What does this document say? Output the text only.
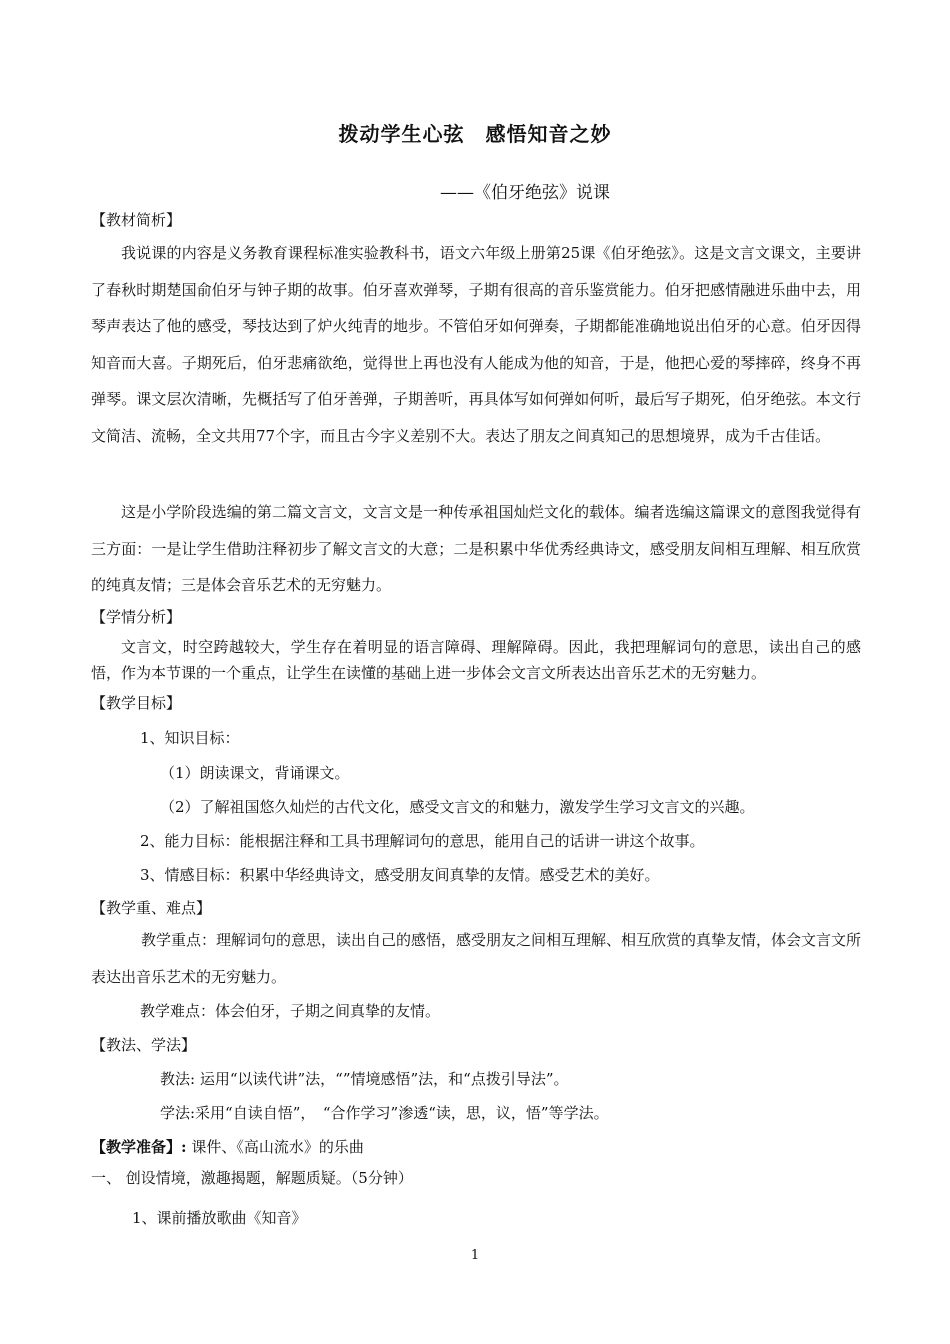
拨动学生心弦　感悟知音之妙
——《伯牙绝弦》说课
【教材简析】
我说课的内容是义务教育课程标准实验教科书，语文六年级上册第25课《伯牙绝弦》。这是文言文课文，主要讲了春秋时期楚国俞伯牙与钟子期的故事。伯牙喜欢弹琴，子期有很高的音乐鉴赏能力。伯牙把感情融进乐曲中去，用琴声表达了他的感受，琴技达到了炉火纯青的地步。不管伯牙如何弹奏，子期都能准确地说出伯牙的心意。伯牙因得知音而大喜。子期死后，伯牙悲痛欲绝，觉得世上再也没有人能成为他的知音，于是，他把心爱的琴摔碎，终身不再弹琴。课文层次清晰，先概括写了伯牙善弹，子期善听，再具体写如何弹如何听，最后写子期死，伯牙绝弦。本文行文简洁、流畅，全文共用77个字，而且古今字义差别不大。表达了朋友之间真知己的思想境界，成为千古佳话。
这是小学阶段选编的第二篇文言文，文言文是一种传承祖国灿烂文化的载体。编者选编这篇课文的意图我觉得有三方面：一是让学生借助注释初步了解文言文的大意；二是积累中华优秀经典诗文，感受朋友间相互理解、相互欣赏的纯真友情；三是体会音乐艺术的无穷魅力。
【学情分析】
文言文，时空跨越较大，学生存在着明显的语言障碍、理解障碍。因此，我把理解词句的意思，读出自己的感悟，作为本节课的一个重点，让学生在读懂的基础上进一步体会文言文所表达出音乐艺术的无穷魅力。
【教学目标】
1、知识目标：
（1）朗读课文，背诵课文。
（2）了解祖国悠久灿烂的古代文化，感受文言文的和魅力，激发学生学习文言文的兴趣。
2、能力目标：能根据注释和工具书理解词句的意思，能用自己的话讲一讲这个故事。
3、情感目标：积累中华经典诗文，感受朋友间真挚的友情。感受艺术的美好。
【教学重、难点】
教学重点：理解词句的意思，读出自己的感悟，感受朋友之间相互理解、相互欣赏的真挚友情，体会文言文所表达出音乐艺术的无穷魅力。
教学难点：体会伯牙，子期之间真挚的友情。
【教法、学法】
教法: 运用“以读代讲”法，“”情境感悟”法，和“点拨引导法”。
学法:采用“自读自悟”，　“合作学习”渗透“读，思，议，悟”等学法。
【教学准备】: 课件、《高山流水》的乐曲
一、 创设情境，激趣揭题，解题质疑。（5分钟）
1、课前播放歌曲《知音》
1
